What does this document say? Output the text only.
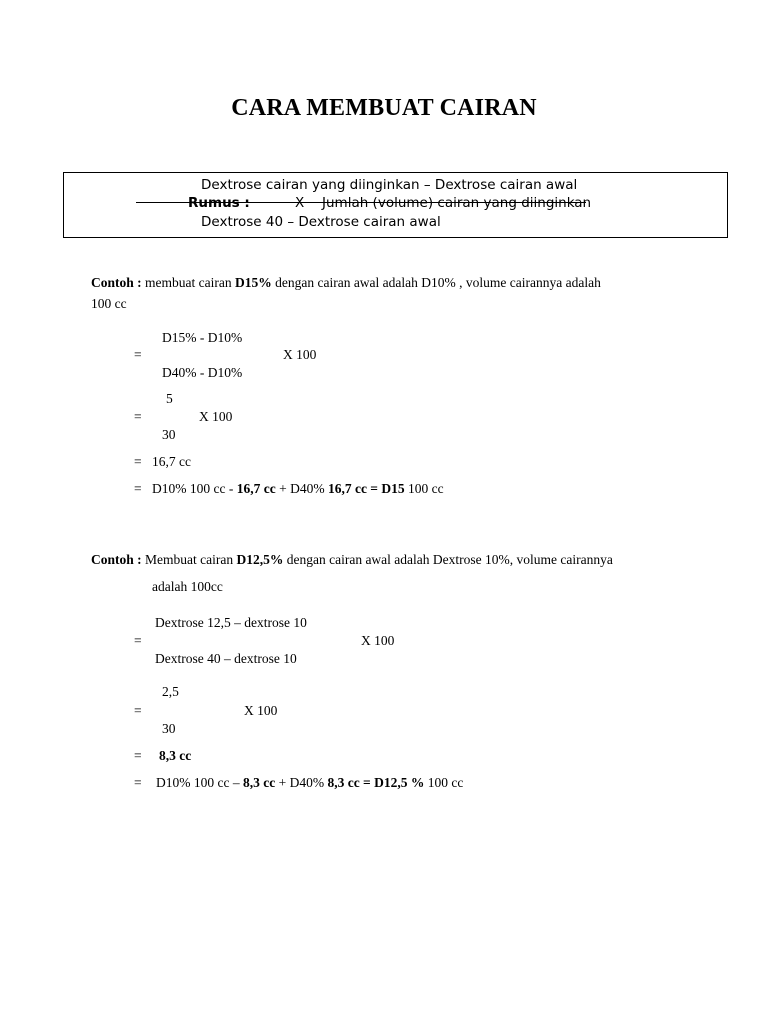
CARA MEMBUAT CAIRAN
Dextrose cairan yang diinginkan – Dextrose cairan awal
Rumus :	X Jumlah (volume) cairan yang diinginkan
Dextrose 40 – Dextrose cairan awal
Contoh : membuat cairan D15% dengan cairan awal adalah D10% , volume cairannya adalah
100 cc
D15% - D10%
=	X 100
D40% - D10%
5
=	X 100
30
= 16,7 cc
= D10% 100 cc - 16,7 cc + D40% 16,7 cc = D15 100 cc
Contoh : Membuat cairan D12,5% dengan cairan awal adalah Dextrose 10%, volume cairannya
adalah 100cc
Dextrose 12,5 – dextrose 10
=	X 100
Dextrose 40 – dextrose 10
2,5
=	X 100
30
= 8,3 cc
= D10% 100 cc – 8,3 cc + D40% 8,3 cc = D12,5 % 100 cc
